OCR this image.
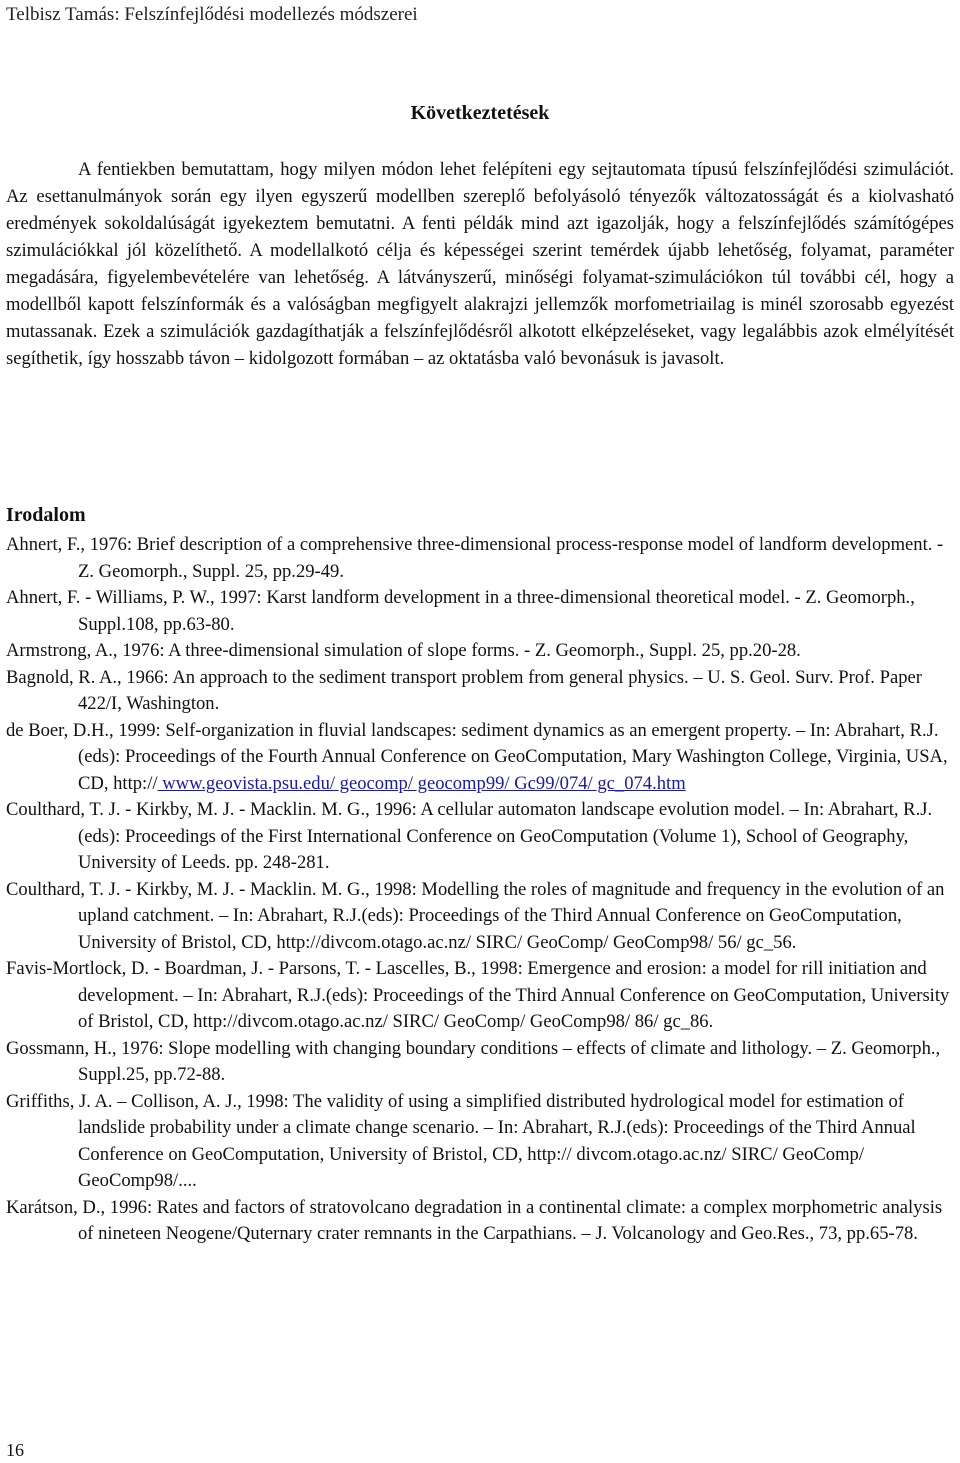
Telbisz Tamás: Felszínfejlődési modellezés módszerei
Következtetések

A fentiekben bemutattam, hogy milyen módon lehet felépíteni egy sejtautomata típusú felszínfejlődési szimulációt. Az esettanulmányok során egy ilyen egyszerű modellben szereplő befolyásoló tényezők változatosságát és a kiolvasható eredmények sokoldalúságát igyekeztem bemutatni. A fenti példák mind azt igazolják, hogy a felszínfejlődés számítógépes szimulációkkal jól közelíthető. A modellalkotó célja és képességei szerint temérdek újabb lehetőség, folyamat, paraméter megadására, figyelembevételére van lehetőség. A látványszerű, minőségi folyamat-szimulációkon túl további cél, hogy a modellből kapott felszínformák és a valóságban megfigyelt alakrajzi jellemzők morfometriailag is minél szorosabb egyezést mutassanak. Ezek a szimulációk gazdagíthatják a felszínfejlődésről alkotott elképzeléseket, vagy legalábbis azok elmélyítését segíthetik, így hosszabb távon – kidolgozott formában – az oktatásba való bevonásuk is javasolt.

Irodalom
Ahnert, F., 1976: Brief description of a comprehensive three-dimensional process-response model of landform development. - Z. Geomorph., Suppl. 25, pp.29-49.
Ahnert, F. - Williams, P. W., 1997: Karst landform development in a three-dimensional theoretical model. - Z. Geomorph., Suppl.108, pp.63-80.
Armstrong, A., 1976: A three-dimensional simulation of slope forms. - Z. Geomorph., Suppl. 25, pp.20-28.
Bagnold, R. A., 1966: An approach to the sediment transport problem from general physics. – U. S. Geol. Surv. Prof. Paper 422/I, Washington.
de Boer, D.H., 1999: Self-organization in fluvial landscapes: sediment dynamics as an emergent property. – In: Abrahart, R.J.(eds): Proceedings of the Fourth Annual Conference on GeoComputation, Mary Washington College, Virginia, USA, CD, http:// www.geovista.psu.edu/ geocomp/ geocomp99/ Gc99/074/ gc_074.htm
Coulthard, T. J. - Kirkby, M. J. - Macklin. M. G., 1996: A cellular automaton landscape evolution model. – In: Abrahart, R.J.(eds): Proceedings of the First International Conference on GeoComputation (Volume 1), School of Geography, University of Leeds. pp. 248-281.
Coulthard, T. J. - Kirkby, M. J. - Macklin. M. G., 1998: Modelling the roles of magnitude and frequency in the evolution of an upland catchment. – In: Abrahart, R.J.(eds): Proceedings of the Third Annual Conference on GeoComputation, University of Bristol, CD, http://divcom.otago.ac.nz/ SIRC/ GeoComp/ GeoComp98/ 56/ gc_56.
Favis-Mortlock, D. - Boardman, J. - Parsons, T. - Lascelles, B., 1998: Emergence and erosion: a model for rill initiation and development. – In: Abrahart, R.J.(eds): Proceedings of the Third Annual Conference on GeoComputation, University of Bristol, CD, http://divcom.otago.ac.nz/ SIRC/ GeoComp/ GeoComp98/ 86/ gc_86.
Gossmann, H., 1976: Slope modelling with changing boundary conditions – effects of climate and lithology. – Z. Geomorph., Suppl.25, pp.72-88.
Griffiths, J. A. – Collison, A. J., 1998: The validity of using a simplified distributed hydrological model for estimation of landslide probability under a climate change scenario. – In: Abrahart, R.J.(eds): Proceedings of the Third Annual Conference on GeoComputation, University of Bristol, CD, http:// divcom.otago.ac.nz/ SIRC/ GeoComp/ GeoComp98/....
Karátson, D., 1996: Rates and factors of stratovolcano degradation in a continental climate: a complex morphometric analysis of nineteen Neogene/Quternary crater remnants in the Carpathians. – J. Volcanology and Geo.Res., 73, pp.65-78.
16
